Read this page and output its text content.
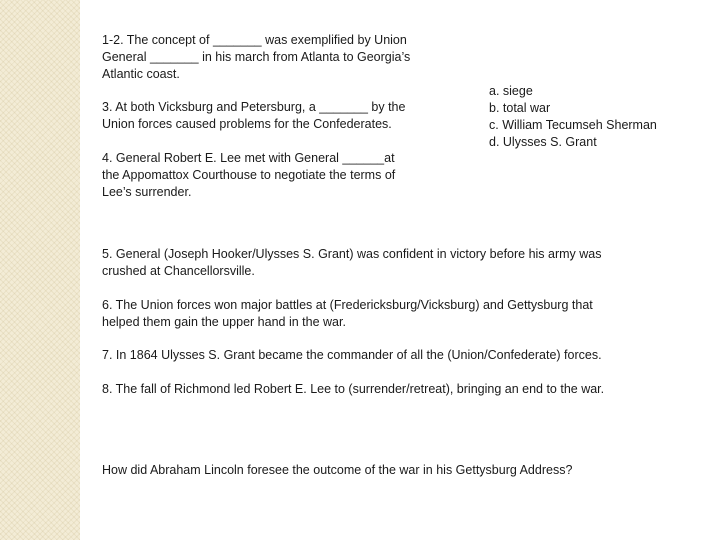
1-2. The concept of _______ was exemplified by Union
General _______ in his march from Atlanta to Georgia’s
Atlantic coast.

3. At both Vicksburg and Petersburg, a _______ by the
Union forces caused problems for the Confederates.

4. General Robert E. Lee met with General ______at
the Appomattox Courthouse to negotiate the terms of
Lee’s surrender.

a. siege
b. total war
c. William Tecumseh Sherman
d. Ulysses S. Grant

5. General (Joseph Hooker/Ulysses S. Grant) was confident in victory before his army was
crushed at Chancellorsville.

6. The Union forces won major battles at (Fredericksburg/Vicksburg) and Gettysburg that
helped them gain the upper hand in the war.

7. In 1864 Ulysses S. Grant became the commander of all the (Union/Confederate) forces.

8. The fall of Richmond led Robert E. Lee to (surrender/retreat), bringing an end to the war.

How did Abraham Lincoln foresee the outcome of the war in his Gettysburg Address?
